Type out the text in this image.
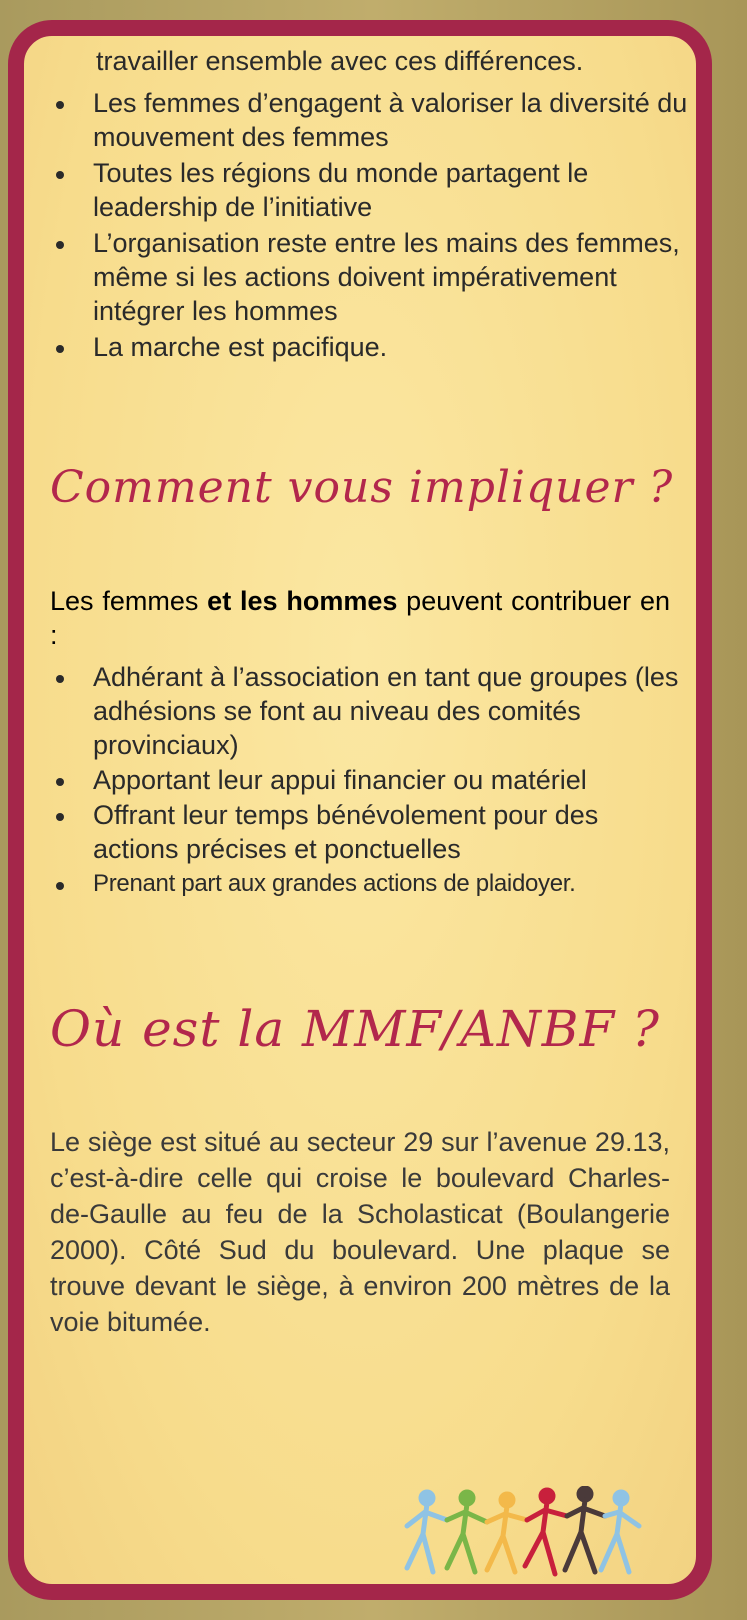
travailler ensemble avec ces différences.
Les femmes d’engagent à valoriser la diversité du mouvement des femmes
Toutes les régions du monde partagent le leadership de l’initiative
L’organisation reste entre les mains des femmes, même si les actions doivent impérativement intégrer les hommes
La marche est pacifique.
Comment vous impliquer ?
Les femmes et les hommes peuvent contribuer en :
Adhérant à l’association en tant que groupes (les adhésions se font au niveau des comités provinciaux)
Apportant leur appui financier ou matériel
Offrant leur temps bénévolement pour des actions précises et ponctuelles
Prenant part aux grandes actions de plaidoyer.
Où est la MMF/ANBF ?
Le siège est situé au secteur 29 sur l’avenue 29.13, c’est-à-dire celle qui croise le boulevard Charles-de-Gaulle au feu de la Scholasticat (Boulangerie 2000). Côté Sud du boulevard. Une plaque se trouve devant le siège, à environ 200 mètres de la voie bitumée.
